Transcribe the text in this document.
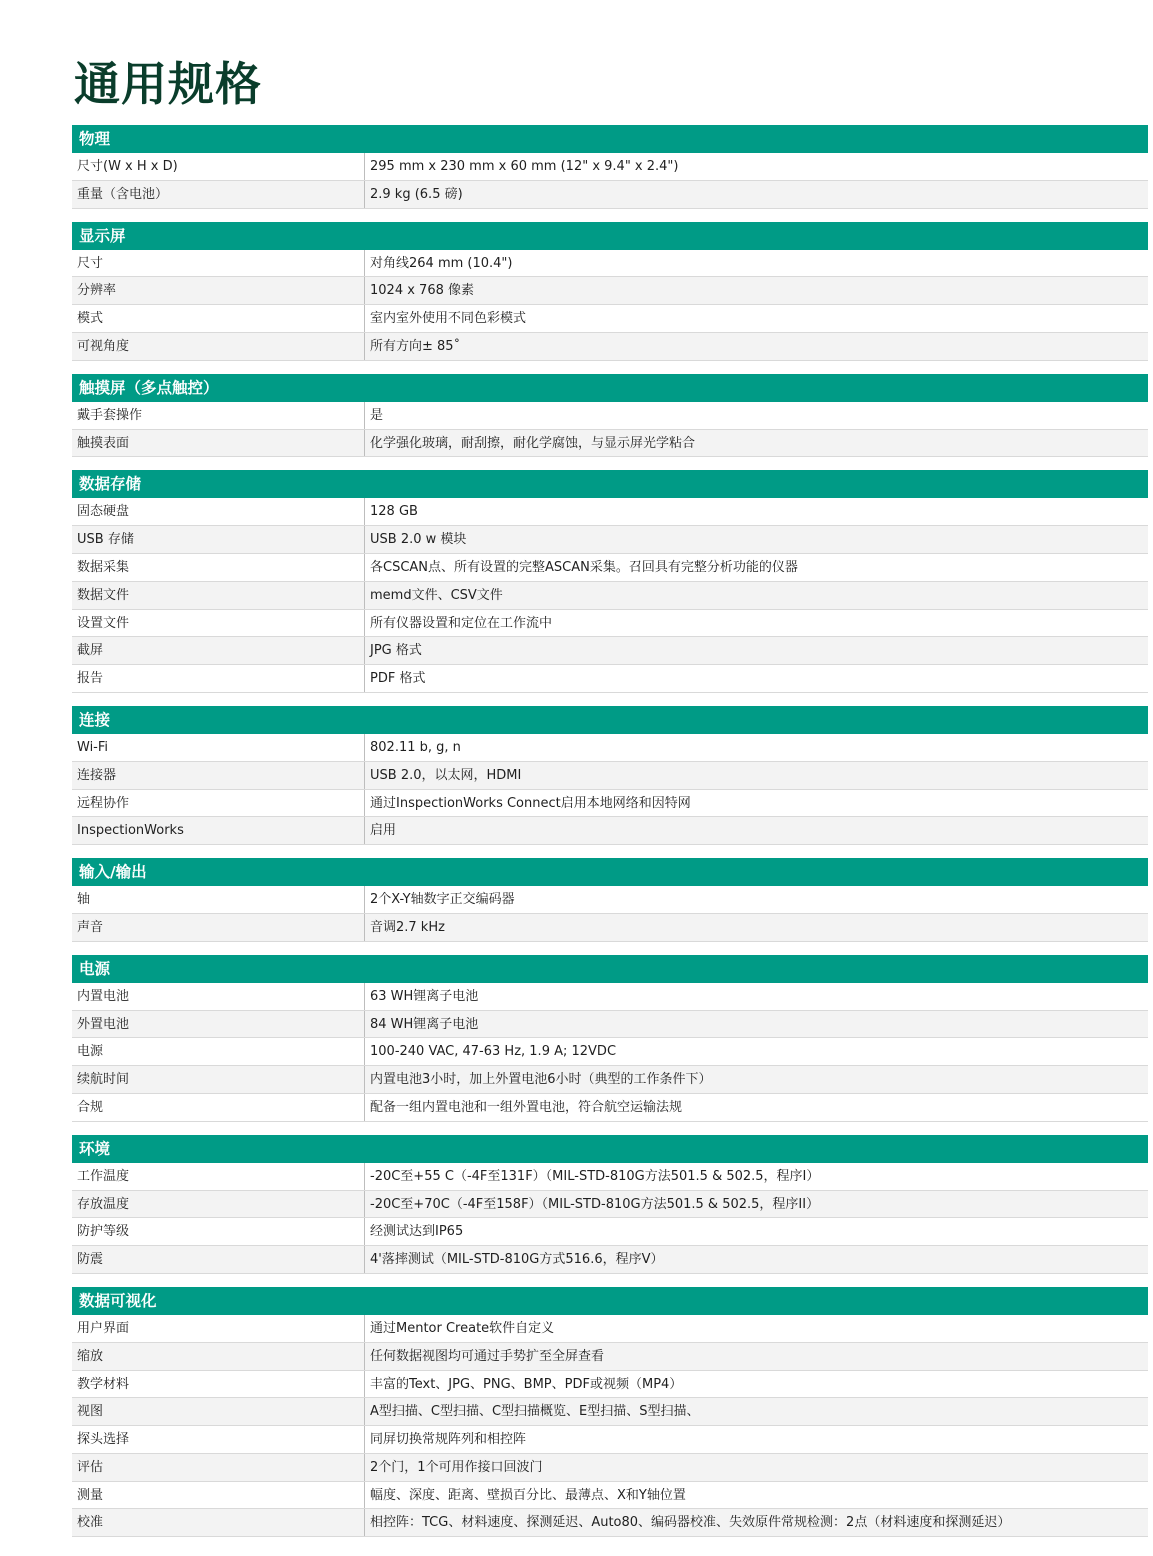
通用规格
物理
尺寸(W x H x D)	295 mm x 230 mm x 60 mm (12" x 9.4" x 2.4")
重量（含电池）	2.9 kg (6.5 磅)
显示屏
尺寸	对角线264 mm (10.4")
分辨率	1024 x 768 像素
模式	室内室外使用不同色彩模式
可视角度	所有方向± 85˚
触摸屏（多点触控）
戴手套操作	是
触摸表面	化学强化玻璃，耐刮擦，耐化学腐蚀，与显示屏光学粘合
数据存储
固态硬盘	128 GB
USB 存储	USB 2.0 w 模块
数据采集	各CSCAN点、所有设置的完整ASCAN采集。召回具有完整分析功能的仪器
数据文件	memd文件、CSV文件
设置文件	所有仪器设置和定位在工作流中
截屏	JPG 格式
报告	PDF 格式
连接
Wi-Fi	802.11 b, g, n
连接器	USB 2.0，以太网，HDMI
远程协作	通过InspectionWorks Connect启用本地网络和因特网
InspectionWorks	启用
输入/输出
轴	2个X-Y轴数字正交编码器
声音	音调2.7 kHz
电源
内置电池	63 WH锂离子电池
外置电池	84 WH锂离子电池
电源	100-240 VAC, 47-63 Hz, 1.9 A; 12VDC
续航时间	内置电池3小时，加上外置电池6小时（典型的工作条件下）
合规	配备一组内置电池和一组外置电池，符合航空运输法规
环境
工作温度	-20C至+55 C（-4F至131F）（MIL-STD-810G方法501.5 & 502.5，程序I）
存放温度	-20C至+70C（-4F至158F）（MIL-STD-810G方法501.5 & 502.5，程序II）
防护等级	经测试达到IP65
防震	4'落摔测试（MIL-STD-810G方式516.6，程序V）
数据可视化
用户界面	通过Mentor Create软件自定义
缩放	任何数据视图均可通过手势扩至全屏查看
教学材料	丰富的Text、JPG、PNG、BMP、PDF或视频（MP4）
视图	A型扫描、C型扫描、C型扫描概览、E型扫描、S型扫描、
探头选择	同屏切换常规阵列和相控阵
评估	2个门，1个可用作接口回波门
测量	幅度、深度、距离、壁损百分比、最薄点、X和Y轴位置
校准	相控阵：TCG、材料速度、探测延迟、Auto80、编码器校准、失效原件常规检测：2点（材料速度和探测延迟）
